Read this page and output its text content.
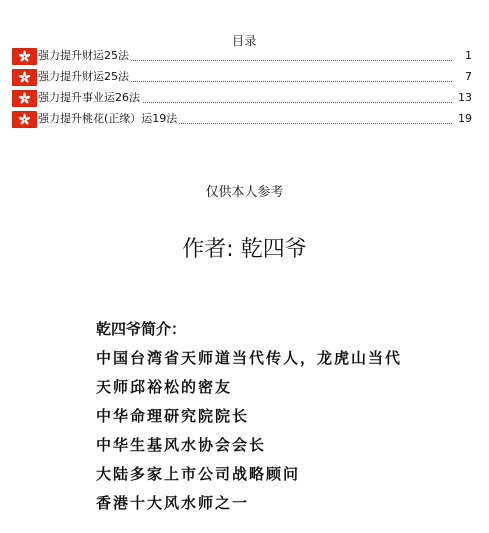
目录
强力提升财运25法	1
强力提升财运25法	7
强力提升事业运26法	13
强力提升桃花(正缘）运19法	19
仅供本人参考
作者: 乾四爷
乾四爷简介：
中国台湾省天师道当代传人，龙虎山当代
天师邱裕松的密友
中华命理研究院院长
中华生基风水协会会长
大陆多家上市公司战略顾问
香港十大风水师之一
